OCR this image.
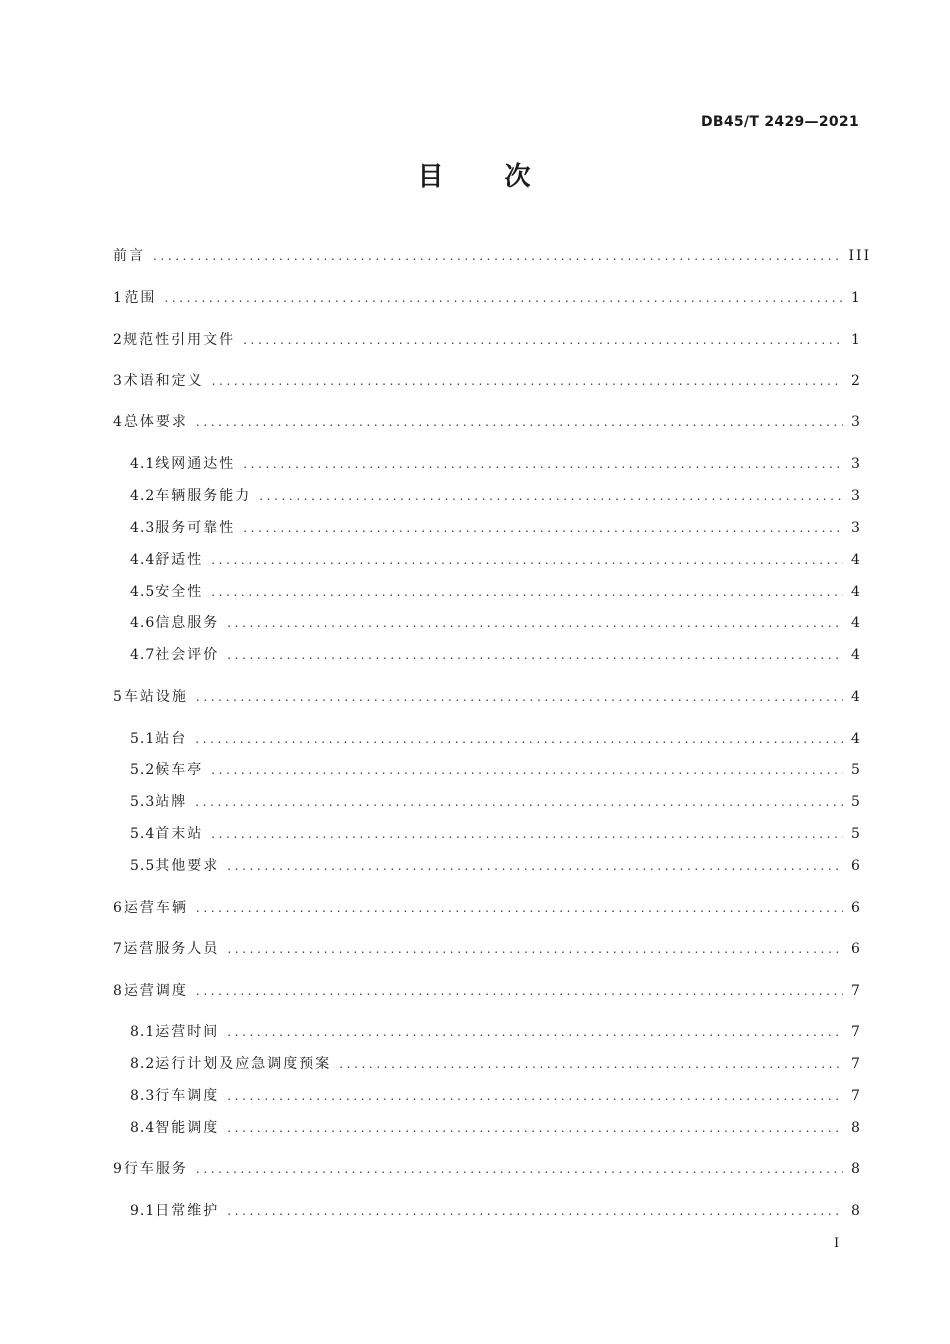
DB45/T 2429—2021
目 次
前言 .....	III
1 范围 .....	1
2 规范性引用文件 .....	1
3 术语和定义 .....	2
4 总体要求 .....	3
4.1 线网通达性 .....	3
4.2 车辆服务能力 .....	3
4.3 服务可靠性 .....	3
4.4 舒适性 .....	4
4.5 安全性 .....	4
4.6 信息服务 .....	4
4.7 社会评价 .....	4
5 车站设施 .....	4
5.1 站台 .....	4
5.2 候车亭 .....	5
5.3 站牌 .....	5
5.4 首末站 .....	5
5.5 其他要求 .....	6
6 运营车辆 .....	6
7 运营服务人员 .....	6
8 运营调度 .....	7
8.1 运营时间 .....	7
8.2 运行计划及应急调度预案 .....	7
8.3 行车调度 .....	7
8.4 智能调度 .....	8
9 行车服务 .....	8
9.1 日常维护 .....	8
I
